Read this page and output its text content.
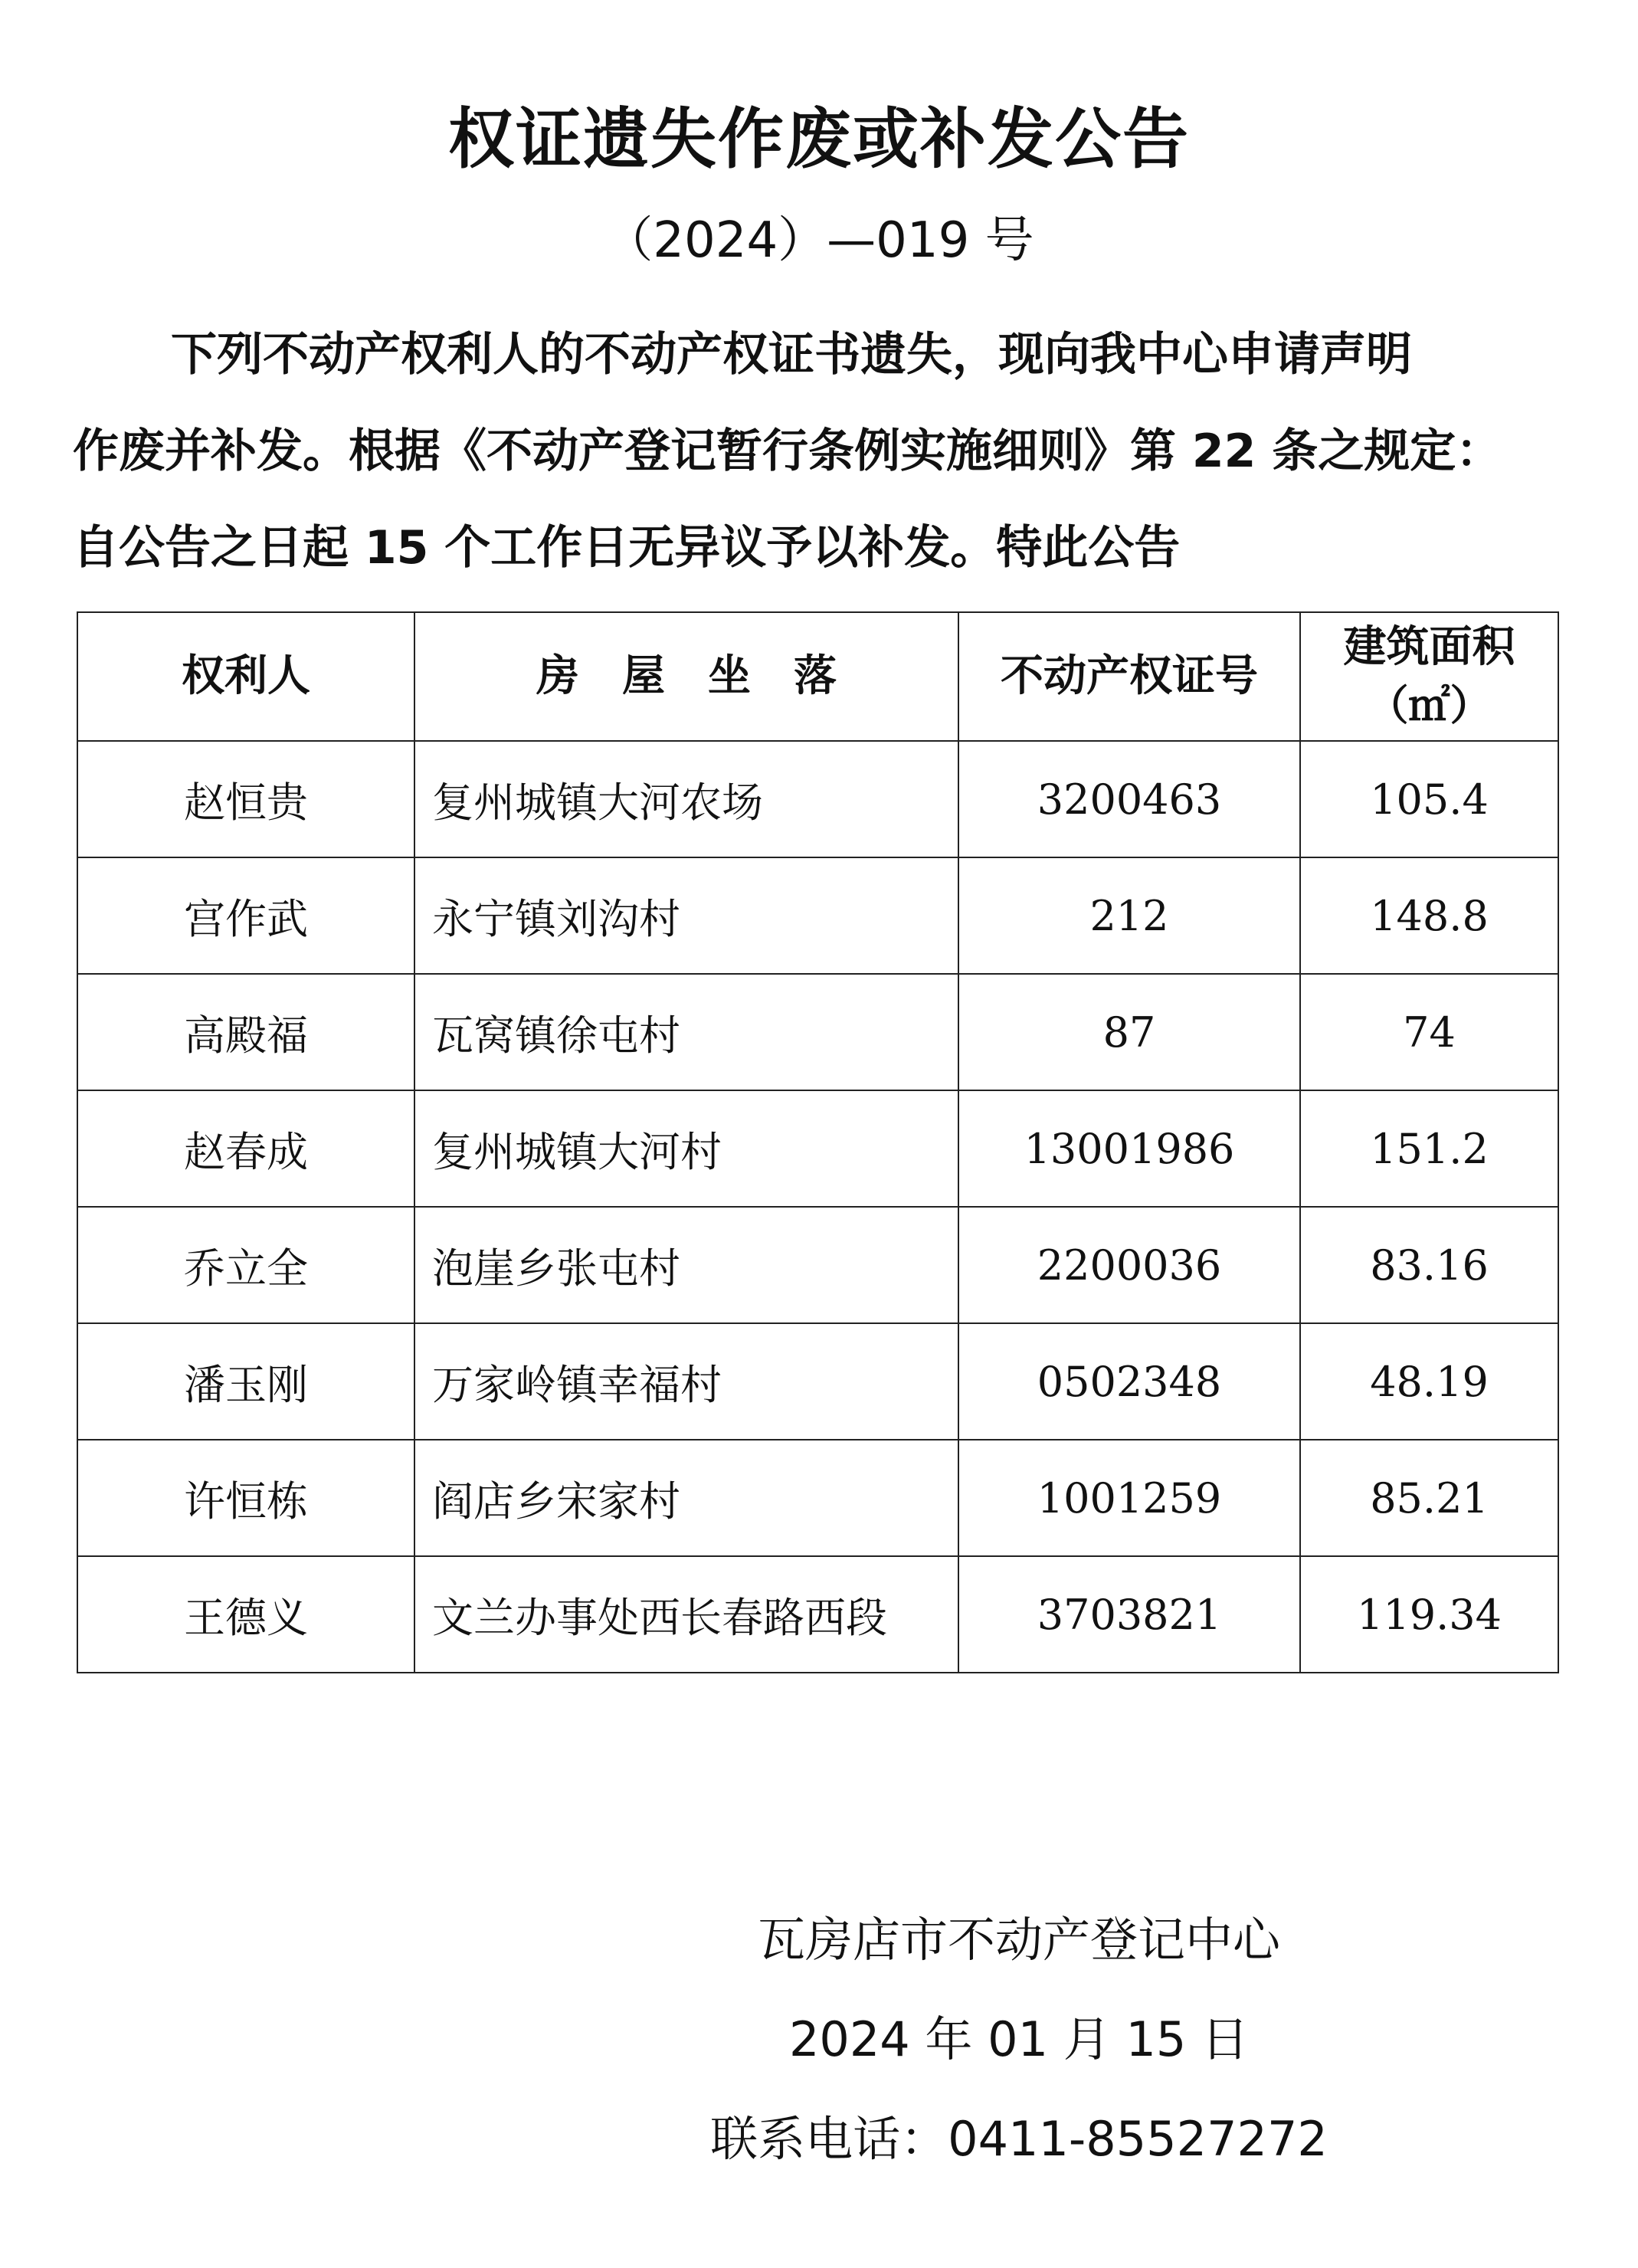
权证遗失作废或补发公告
（2024）—019 号
下列不动产权利人的不动产权证书遗失，现向我中心申请声明
作废并补发。根据《不动产登记暂行条例实施细则》第 22 条之规定：
自公告之日起 15 个工作日无异议予以补发。特此公告
权利人	房屋坐落	不动产权证号	建筑面积
（㎡）

赵恒贵	复州城镇大河农场	3200463	105.4
宫作武	永宁镇刘沟村	212	148.8
高殿福	瓦窝镇徐屯村	87	74
赵春成	复州城镇大河村	13001986	151.2
乔立全	泡崖乡张屯村	2200036	83.16
潘玉刚	万家岭镇幸福村	0502348	48.19
许恒栋	阎店乡宋家村	1001259	85.21
王德义	文兰办事处西长春路西段	3703821	119.34
瓦房店市不动产登记中心
2024 年 01 月 15 日
联系电话：0411-85527272
